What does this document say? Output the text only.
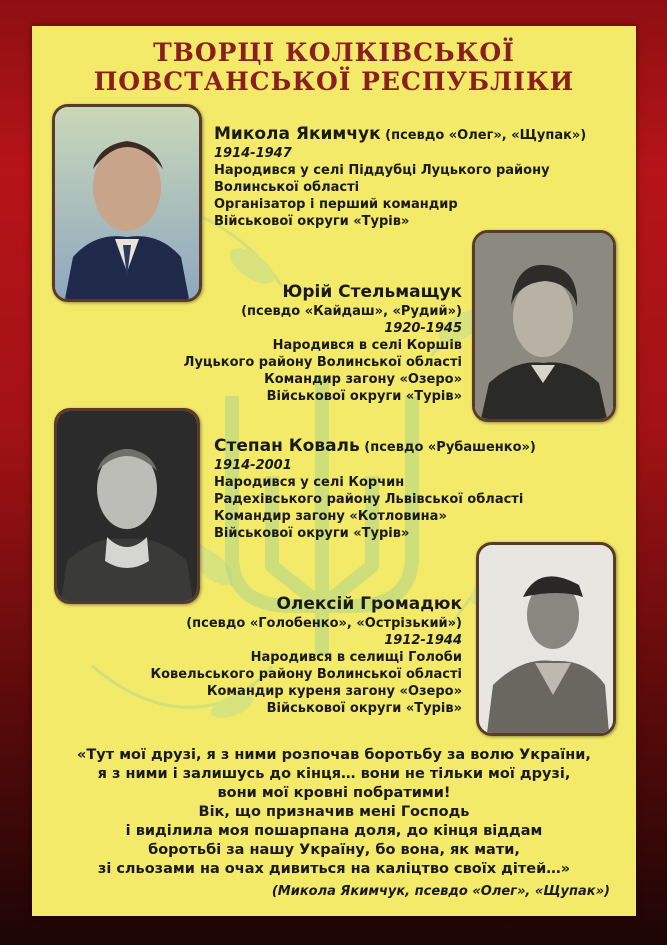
ТВОРЦІ КОЛКІВСЬКОЇ
ПОВСТАНСЬКОЇ РЕСПУБЛІКИ
Микола Якимчук (псевдо «Олег», «Щупак»)
1914-1947
Народився у селі Піддубці Луцького району
Волинської області
Організатор і перший командир
Військової округи «Турів»
Юрій Стельмащук
(псевдо «Кайдаш», «Рудий»)
1920-1945
Народився в селі Коршів
Луцького району Волинської області
Командир загону «Озеро»
Військової округи «Турів»
Степан Коваль (псевдо «Рубашенко»)
1914-2001
Народився у селі Корчин
Радехівського району Львівської області
Командир загону «Котловина»
Військової округи «Турів»
Олексій Громадюк
(псевдо «Голобенко», «Острізький»)
1912-1944
Народився в селищі Голоби
Ковельського району Волинської області
Командир куреня загону «Озеро»
Військової округи «Турів»
«Тут мої друзі, я з ними розпочав боротьбу за волю України,
я з ними і залишусь до кінця… вони не тільки мої друзі,
вони мої кровні побратими!
Вік, що призначив мені Господь
і виділила моя пошарпана доля, до кінця віддам
боротьбі за нашу Україну, бо вона, як мати,
зі сльозами на очах дивиться на каліцтво своїх дітей…»
(Микола Якимчук, псевдо «Олег», «Щупак»)
